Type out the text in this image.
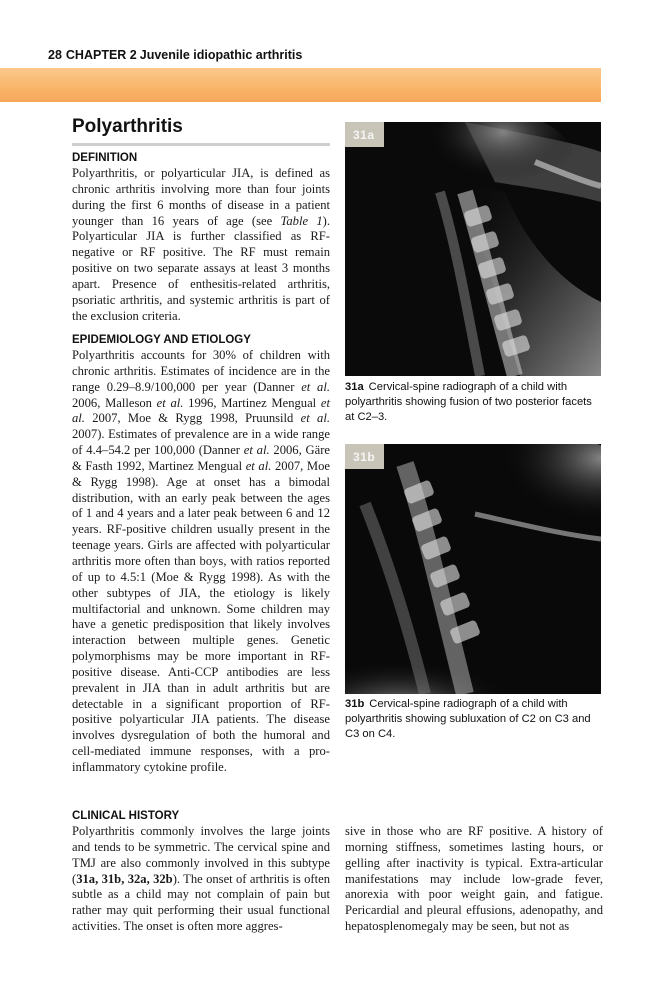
28 CHAPTER 2 Juvenile idiopathic arthritis
Polyarthritis
DEFINITION

Polyarthritis, or polyarticular JIA, is defined as chronic arthritis involving more than four joints during the first 6 months of disease in a patient younger than 16 years of age (see Table 1). Polyarticular JIA is further classified as RF-negative or RF positive. The RF must remain positive on two separate assays at least 3 months apart. Presence of enthesitis-related arthritis, psoriatic arthritis, and systemic arthritis is part of the exclusion criteria.

EPIDEMIOLOGY AND ETIOLOGY

Polyarthritis accounts for 30% of children with chronic arthritis. Estimates of incidence are in the range 0.29–8.9/100,000 per year (Danner et al. 2006, Malleson et al. 1996, Martinez Mengual et al. 2007, Moe & Rygg 1998, Pruunsild et al. 2007). Estimates of prevalence are in a wide range of 4.4–54.2 per 100,000 (Danner et al. 2006, Gäre & Fasth 1992, Martinez Mengual et al. 2007, Moe & Rygg 1998). Age at onset has a bimodal distribution, with an early peak between the ages of 1 and 4 years and a later peak between 6 and 12 years. RF-positive children usually present in the teenage years. Girls are affected with polyarticular arthritis more often than boys, with ratios reported of up to 4.5:1 (Moe & Rygg 1998). As with the other subtypes of JIA, the etiology is likely multifactorial and unknown. Some children may have a genetic predisposition that likely involves interaction between multiple genes. Genetic polymorphisms may be more important in RF-positive disease. Anti-CCP antibodies are less prevalent in JIA than in adult arthritis but are detectable in a significant proportion of RF-positive polyarticular JIA patients. The disease involves dysregulation of both the humoral and cell-mediated immune responses, with a pro-inflammatory cytokine profile.

CLINICAL HISTORY

Polyarthritis commonly involves the large joints and tends to be symmetric. The cervical spine and TMJ are also commonly involved in this subtype (31a, 31b, 32a, 32b). The onset of arthritis is often subtle as a child may not complain of pain but rather may quit performing their usual functional activities. The onset is often more aggres-

sive in those who are RF positive. A history of morning stiffness, sometimes lasting hours, or gelling after inactivity is typical. Extra-articular manifestations may include low-grade fever, anorexia with poor weight gain, and fatigue. Pericardial and pleural effusions, adenopathy, and hepatosplenomegaly may be seen, but not as

31a

31a Cervical-spine radiograph of a child with polyarthritis showing fusion of two posterior facets at C2–3.

31b

31b Cervical-spine radiograph of a child with polyarthritis showing subluxation of C2 on C3 and C3 on C4.
